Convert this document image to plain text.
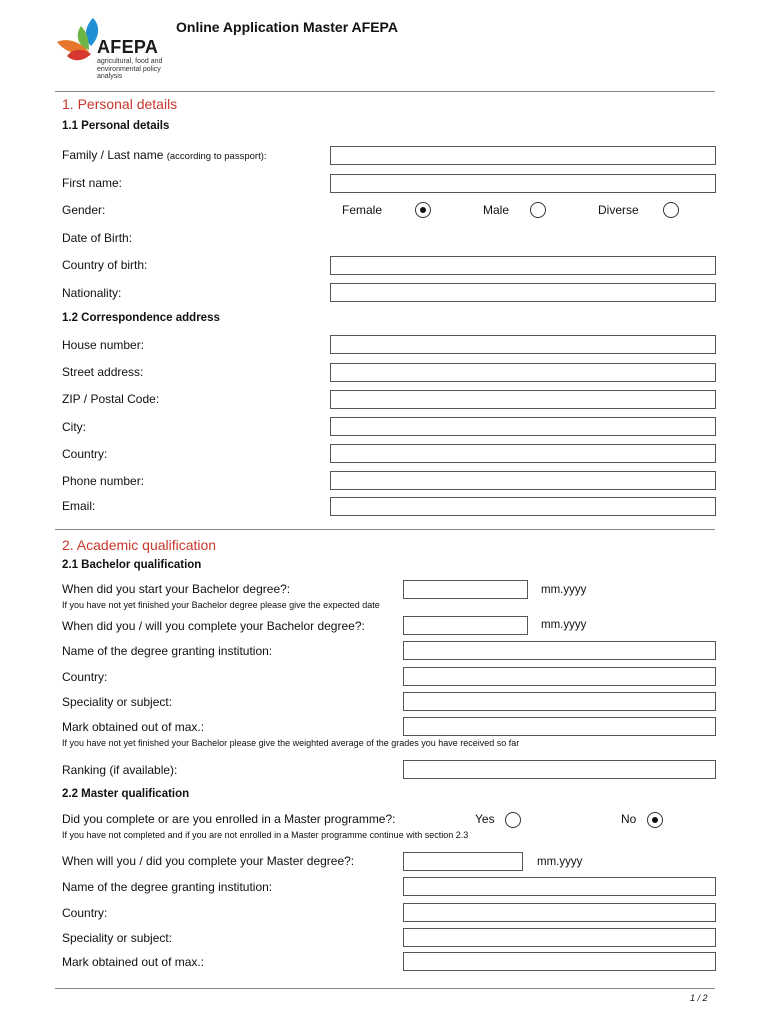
Online Application Master AFEPA
AFEPA
agricultural, food and environmental policy analysis
1. Personal details
1.1 Personal details
Family / Last name (according to passport):
First name:
Gender:	Female	Male	Diverse
Date of Birth:
Country of birth:
Nationality:
1.2 Correspondence address
House number:
Street address:
ZIP / Postal Code:
City:
Country:
Phone number:
Email:
2. Academic qualification
2.1 Bachelor qualification
When did you start your Bachelor degree?:	mm.yyyy
If you have not yet finished your Bachelor degree please give the expected date
When did you / will you complete your Bachelor degree?:	mm.yyyy
Name of the degree granting institution:
Country:
Speciality or subject:
Mark obtained out of max.:
If you have not yet finished your Bachelor please give the weighted average of the grades you have received so far
Ranking (if available):
2.2 Master qualification
Did you complete or are you enrolled in a Master programme?:	Yes	No
If you have not completed and if you are not enrolled in a Master programme continue with section 2.3
When will you / did you complete your Master degree?:	mm.yyyy
Name of the degree granting institution:
Country:
Speciality or subject:
Mark obtained out of max.:
1 / 2
